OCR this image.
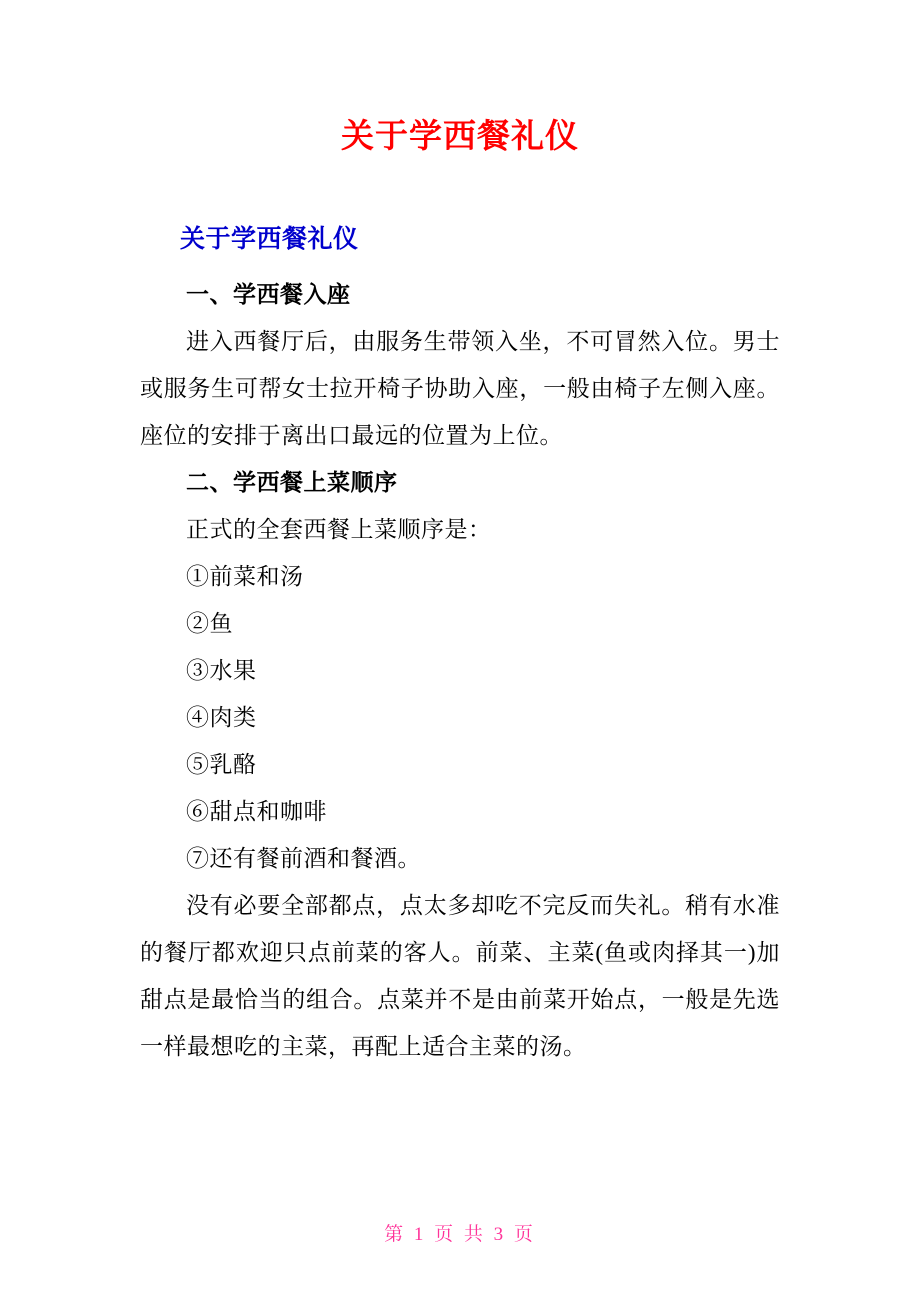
关于学西餐礼仪
关于学西餐礼仪

一、学西餐入座

进入西餐厅后，由服务生带领入坐，不可冒然入位。男士或服务生可帮女士拉开椅子协助入座，一般由椅子左侧入座。座位的安排于离出口最远的位置为上位。

二、学西餐上菜顺序

正式的全套西餐上菜顺序是：

①前菜和汤

②鱼

③水果

④肉类

⑤乳酪

⑥甜点和咖啡

⑦还有餐前酒和餐酒。

没有必要全部都点，点太多却吃不完反而失礼。稍有水准的餐厅都欢迎只点前菜的客人。前菜、主菜(鱼或肉择其一)加甜点是最恰当的组合。点菜并不是由前菜开始点，一般是先选一样最想吃的主菜，再配上适合主菜的汤。

第 1 页 共 3 页
